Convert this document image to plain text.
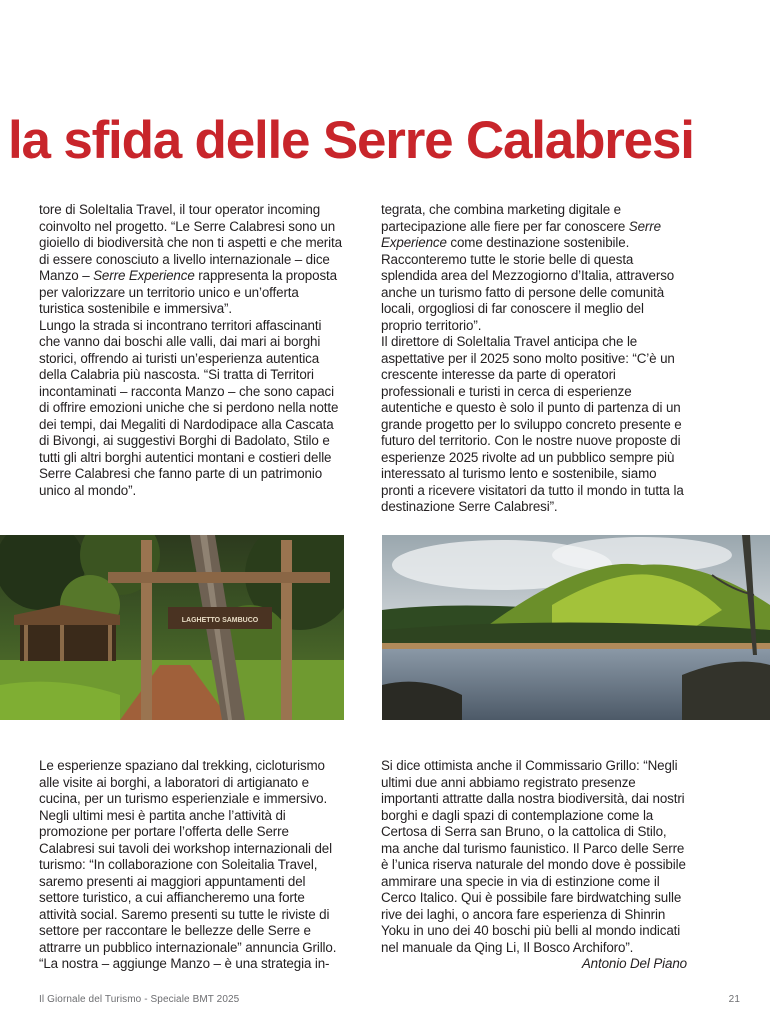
la sfida delle Serre Calabresi

tore di SoleItalia Travel, il tour operator incoming coinvolto nel progetto. “Le Serre Calabresi sono un gioiello di biodiversità che non ti aspetti e che merita di essere conosciuto a livello internazionale – dice Manzo – Serre Experience rappresenta la proposta per valorizzare un territorio unico e un’offerta turistica sostenibile e immersiva”.

Lungo la strada si incontrano territori affascinanti che vanno dai boschi alle valli, dai mari ai borghi storici, offrendo ai turisti un’esperienza autentica della Calabria più nascosta. “Si tratta di Territori incontaminati – racconta Manzo – che sono capaci di offrire emozioni uniche che si perdono nella notte dei tempi, dai Megaliti di Nardodipace alla Cascata di Bivongi, ai suggestivi Borghi di Badolato, Stilo e tutti gli altri borghi autentici montani e costieri delle Serre Calabresi che fanno parte di un patrimonio unico al mondo”.

tegrata, che combina marketing digitale e partecipazione alle fiere per far conoscere Serre Experience come destinazione sostenibile. Racconteremo tutte le storie belle di questa splendida area del Mezzogiorno d’Italia, attraverso anche un turismo fatto di persone delle comunità locali, orgogliosi di far conoscere il meglio del proprio territorio”.

Il direttore di SoleItalia Travel anticipa che le aspettative per il 2025 sono molto positive: “C’è un crescente interesse da parte di operatori professionali e turisti in cerca di esperienze autentiche e questo è solo il punto di partenza di un grande progetto per lo sviluppo concreto presente e futuro del territorio. Con le nostre nuove proposte di esperienze 2025 rivolte ad un pubblico sempre più interessato al turismo lento e sostenibile, siamo pronti a ricevere visitatori da tutto il mondo in tutta la destinazione Serre Calabresi”.

LAGHETTO SAMBUCO

Le esperienze spaziano dal trekking, cicloturismo alle visite ai borghi, a laboratori di artigianato e cucina, per un turismo esperienziale e immersivo.

Negli ultimi mesi è partita anche l’attività di promozione per portare l’offerta delle Serre Calabresi sui tavoli dei workshop internazionali del turismo: “In collaborazione con Soleitalia Travel, saremo presenti ai maggiori appuntamenti del settore turistico, a cui affiancheremo una forte attività social. Saremo presenti su tutte le riviste di settore per raccontare le bellezze delle Serre e attrarre un pubblico internazionale” annuncia Grillo.

“La nostra – aggiunge Manzo – è una strategia in-

Si dice ottimista anche il Commissario Grillo: “Negli ultimi due anni abbiamo registrato presenze importanti attratte dalla nostra biodiversità, dai nostri borghi e dagli spazi di contemplazione come la Certosa di Serra san Bruno, o la cattolica di Stilo, ma anche dal turismo faunistico. Il Parco delle Serre è l’unica riserva naturale del mondo dove è possibile ammirare una specie in via di estinzione come il Cerco Italico. Qui è possibile fare birdwatching sulle rive dei laghi, o ancora fare esperienza di Shinrin Yoku in uno dei 40 boschi più belli al mondo indicati nel manuale da Qing Li, Il Bosco Archiforo”.

Antonio Del Piano

Il Giornale del Turismo - Speciale BMT 2025	21
